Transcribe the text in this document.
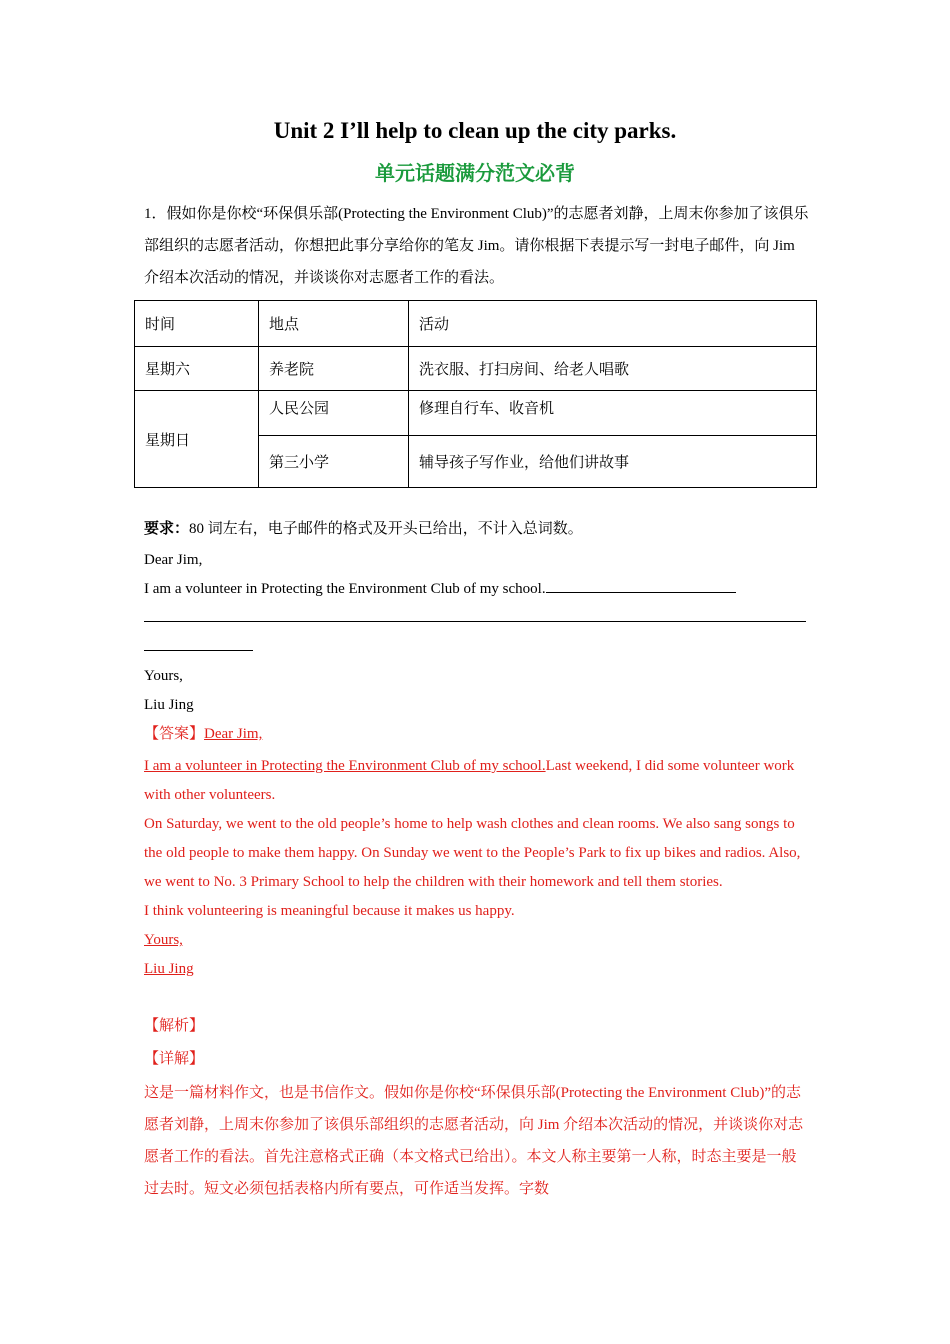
Unit 2 I’ll help to clean up the city parks.
单元话题满分范文必背
1．假如你是你校“环保俱乐部(Protecting the Environment Club)”的志愿者刘静，上周末你参加了该俱乐部组织的志愿者活动，你想把此事分享给你的笔友 Jim。请你根据下表提示写一封电子邮件，向 Jim 介绍本次活动的情况，并谈谈你对志愿者工作的看法。
时间	地点	活动
星期六	养老院	洗衣服、打扫房间、给老人唱歌
星期日	人民公园	修理自行车、收音机
	第三小学	辅导孩子写作业，给他们讲故事
要求：80 词左右，电子邮件的格式及开头已给出，不计入总词数。
Dear Jim,
I am a volunteer in Protecting the Environment Club of my school.
Yours,
Liu Jing
【答案】Dear Jim,
I am a volunteer in Protecting the Environment Club of my school.Last weekend, I did some volunteer work with other volunteers.
On Saturday, we went to the old people’s home to help wash clothes and clean rooms. We also sang songs to the old people to make them happy. On Sunday we went to the People’s Park to fix up bikes and radios. Also, we went to No. 3 Primary School to help the children with their homework and tell them stories.
I think volunteering is meaningful because it makes us happy.
Yours,
Liu Jing
【解析】
【详解】
这是一篇材料作文，也是书信作文。假如你是你校“环保俱乐部(Protecting the Environment Club)”的志愿者刘静，上周末你参加了该俱乐部组织的志愿者活动，向 Jim 介绍本次活动的情况，并谈谈你对志愿者工作的看法。首先注意格式正确（本文格式已给出）。本文人称主要第一人称，时态主要是一般过去时。短文必须包括表格内所有要点，可作适当发挥。字数
